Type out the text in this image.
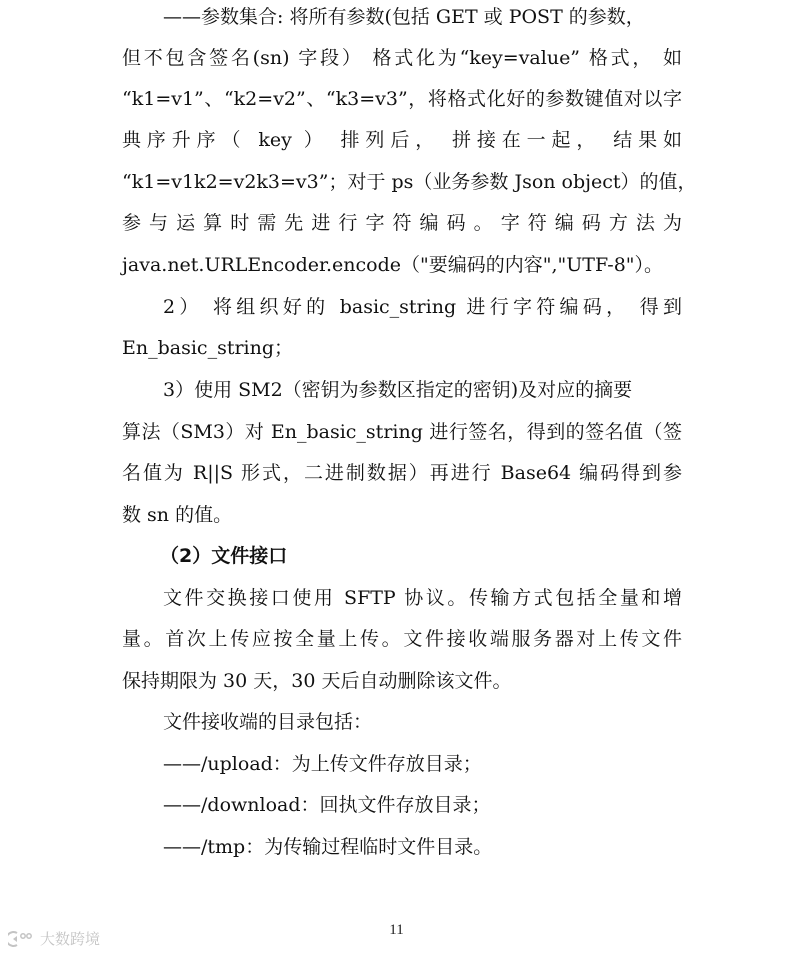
——参数集合: 将所有参数(包括 GET 或 POST 的参数，
但不包含签名(sn) 字段） 格式化为“key=value” 格式， 如
“k1=v1”、“k2=v2”、“k3=v3”，将格式化好的参数键值对以字
典序升序（ key ） 排列后， 拼接在一起， 结果如
“k1=v1k2=v2k3=v3”；对于 ps（业务参数 Json object）的值，
参与运算时需先进行字符编码。字符编码方法为
java.net.URLEncoder.encode（"要编码的内容","UTF-8"）。
2） 将组织好的 basic_string 进行字符编码， 得到
En_basic_string；
3）使用 SM2（密钥为参数区指定的密钥)及对应的摘要
算法（SM3）对 En_basic_string 进行签名，得到的签名值（签
名值为 R||S 形式，二进制数据）再进行 Base64 编码得到参
数 sn 的值。
（2）文件接口
文件交换接口使用 SFTP 协议。传输方式包括全量和增
量。首次上传应按全量上传。文件接收端服务器对上传文件
保持期限为 30 天，30 天后自动删除该文件。
文件接收端的目录包括：
——/upload：为上传文件存放目录；
——/download：回执文件存放目录；
——/tmp：为传输过程临时文件目录。
11
大数跨境
